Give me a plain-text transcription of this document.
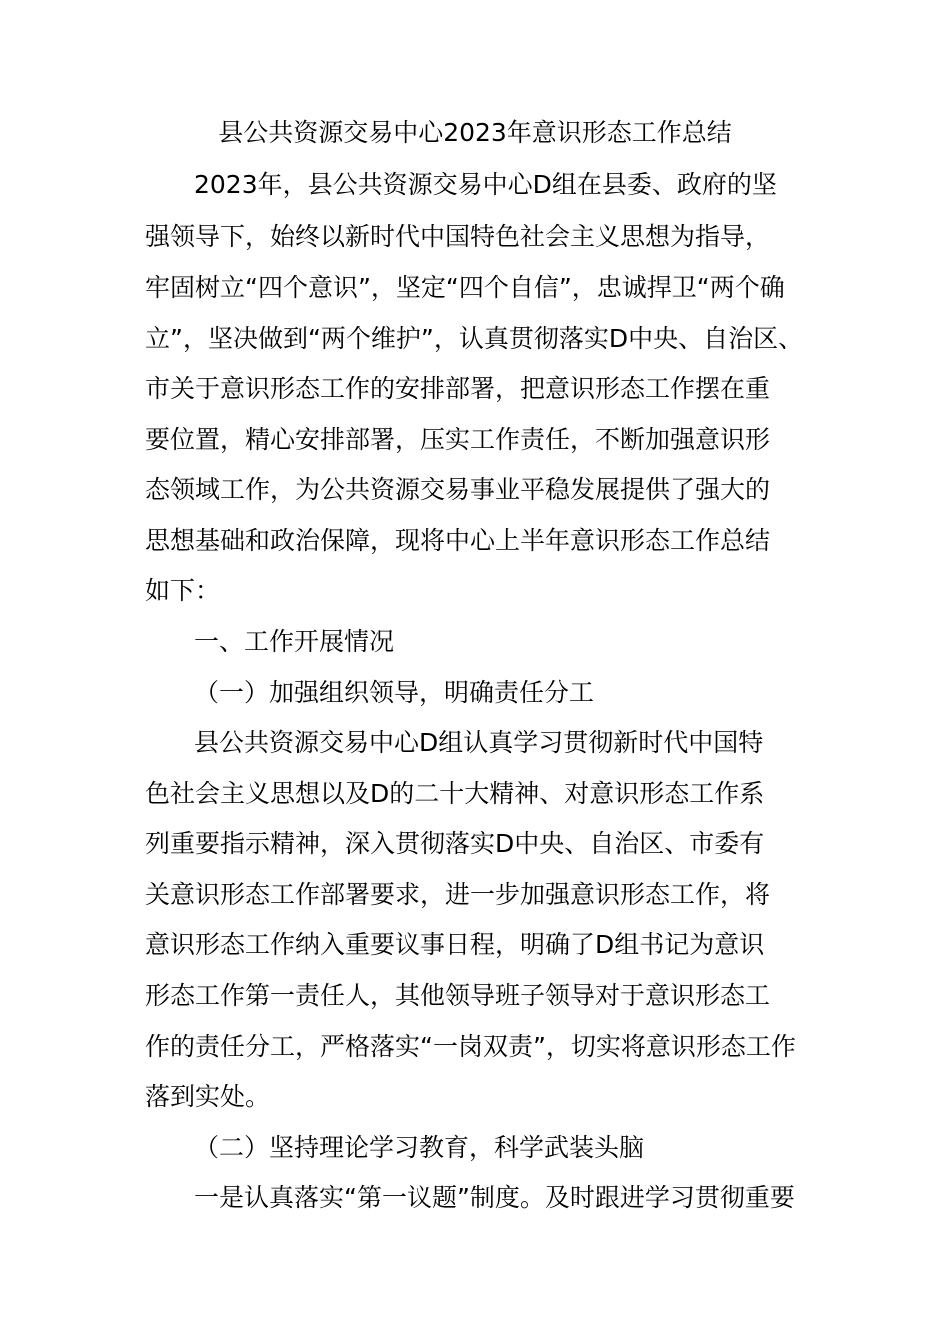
县公共资源交易中心2023年意识形态工作总结
2023年，县公共资源交易中心D组在县委、政府的坚
强领导下，始终以新时代中国特色社会主义思想为指导，
牢固树立“四个意识”，坚定“四个自信”，忠诚捍卫“两个确
立”，坚决做到“两个维护”，认真贯彻落实D中央、自治区、
市关于意识形态工作的安排部署，把意识形态工作摆在重
要位置，精心安排部署，压实工作责任，不断加强意识形
态领域工作，为公共资源交易事业平稳发展提供了强大的
思想基础和政治保障，现将中心上半年意识形态工作总结
如下：
一、工作开展情况
（一）加强组织领导，明确责任分工
县公共资源交易中心D组认真学习贯彻新时代中国特
色社会主义思想以及D的二十大精神、对意识形态工作系
列重要指示精神，深入贯彻落实D中央、自治区、市委有
关意识形态工作部署要求，进一步加强意识形态工作，将
意识形态工作纳入重要议事日程，明确了D组书记为意识
形态工作第一责任人，其他领导班子领导对于意识形态工
作的责任分工，严格落实“一岗双责”，切实将意识形态工作
落到实处。
（二）坚持理论学习教育，科学武装头脑
一是认真落实“第一议题”制度。及时跟进学习贯彻重要
